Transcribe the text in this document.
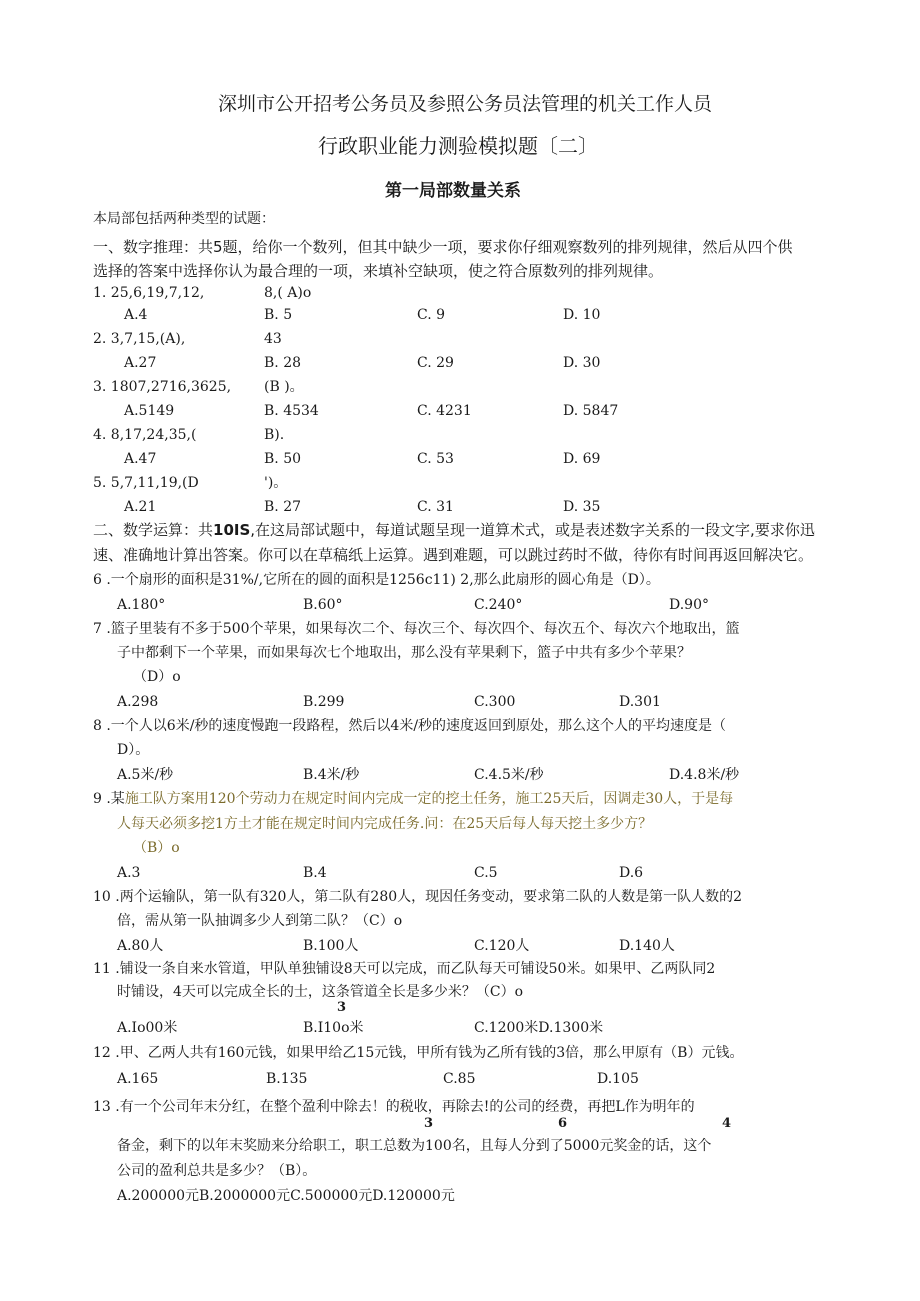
深圳市公开招考公务员及参照公务员法管理的机关工作人员
行政职业能力测验模拟题〔二〕
第一局部数量关系
本局部包括两种类型的试题：
一、数字推理：共5题，给你一个数列，但其中缺少一项，要求你仔细观察数列的排列规律，然后从四个供
选择的答案中选择你认为最合理的一项，来填补空缺项，使之符合原数列的排列规律。
1. 25,6,19,7,12,	8,( A)o
A.4	B. 5	C. 9	D. 10
2. 3,7,15,(A),	43
A.27	B. 28	C. 29	D. 30
3. 1807,2716,3625, (B )。
A.5149	B. 4534	C. 4231	D. 5847
4. 8,17,24,35,(	B).
A.47	B. 50	C. 53	D. 69
5. 5,7,11,19,(D	')。
A.21	B. 27	C. 31	D. 35
二、数学运算：共10IS,在这局部试题中，每道试题呈现一道算术式，或是表述数字关系的一段文字,要求你迅
速、准确地计算出答案。你可以在草稿纸上运算。遇到难题，可以跳过药时不做，待你有时间再返回解决它。
6 .一个扇形的面积是31%/,它所在的圆的面积是1256c11) 2,那么此扇形的圆心角是（D）。
A.180°	B.60°	C.240°	D.90°
7 .篮子里装有不多于500个苹果，如果每次二个、每次三个、每次四个、每次五个、每次六个地取出，篮
子中都剩下一个苹果，而如果每次七个地取出，那么没有苹果剩下，篮子中共有多少个苹果？
（D）o
A.298	B.299	C.300	D.301
8 .一个人以6米/秒的速度慢跑一段路程，然后以4米/秒的速度返回到原处，那么这个人的平均速度是（
D）。
A.5米/秒	B.4米/秒	C.4.5米/秒	D.4.8米/秒
9 .某施工队方案用120个劳动力在规定时间内完成一定的挖土任务，施工25天后，因调走30人，于是每
人每天必须多挖1方土才能在规定时间内完成任务.问：在25天后每人每天挖土多少方？
（B）o
A.3	B.4	C.5	D.6
10 .两个运输队，第一队有320人，第二队有280人，现因任务变动，要求第二队的人数是第一队人数的2
倍，需从第一队抽调多少人到第二队？（C）o
A.80人	B.100人	C.120人	D.140人
11 .铺设一条自来水管道，甲队单独铺设8天可以完成，而乙队每天可铺设50米。如果甲、乙两队同2
时铺设，4天可以完成全长的士，这条管道全长是多少米？（C）o
3
A.Io00米	B.I10o米	C.1200米D.1300米
12 .甲、乙两人共有160元钱，如果甲给乙15元钱，甲所有钱为乙所有钱的3倍，那么甲原有（B）元钱。
A.165	B.135	C.85	D.105
13 .有一个公司年末分红，在整个盈利中除去！的税收，再除去!的公司的经费，再把L作为明年的
3	6	4
备金，剩下的以年末奖励来分给职工，职工总数为100名，且每人分到了5000元奖金的话，这个
公司的盈利总共是多少？（B）。
A.200000元B.2000000元C.500000元D.120000元
